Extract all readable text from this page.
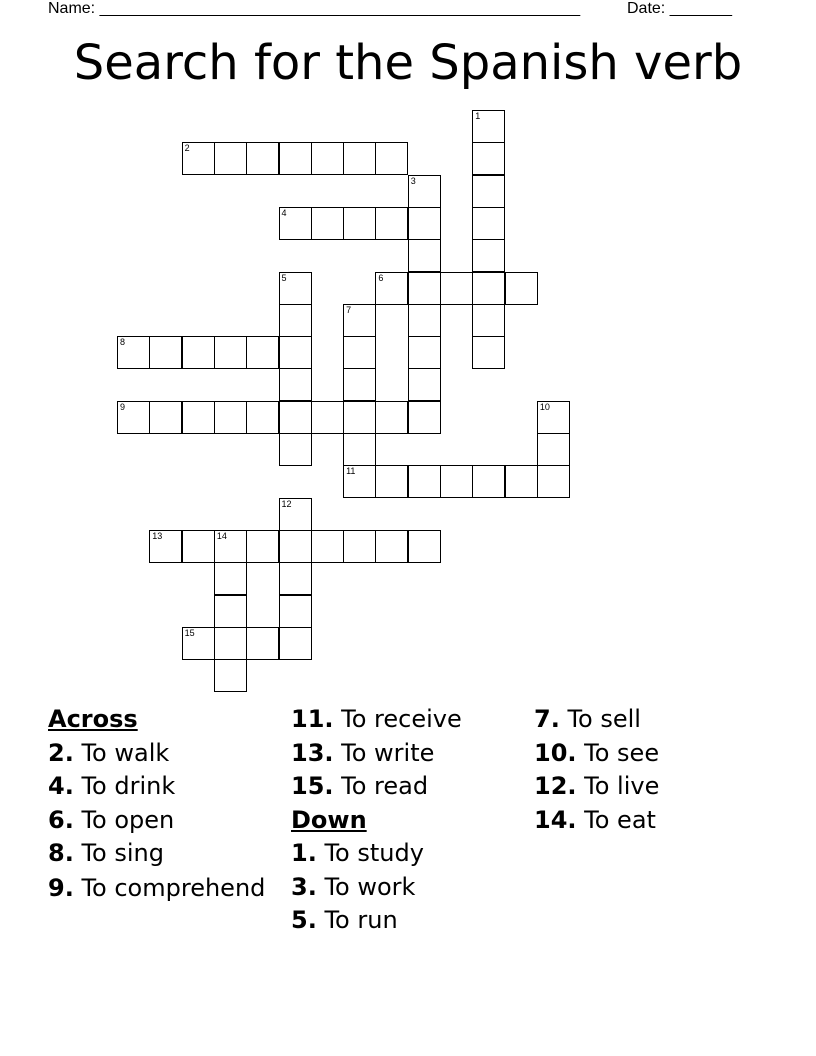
Name: ______________________________________________________	Date: _______
Search for the Spanish verb
1
2
3
4
5	6
7
11
8
9	10
12
13	14
15
Across
2. To walk
4. To drink
6. To open
8. To sing
9. To comprehend
11. To receive
13. To write
15. To read
Down
1. To study
3. To work
5. To run
7. To sell
10. To see
12. To live
14. To eat
